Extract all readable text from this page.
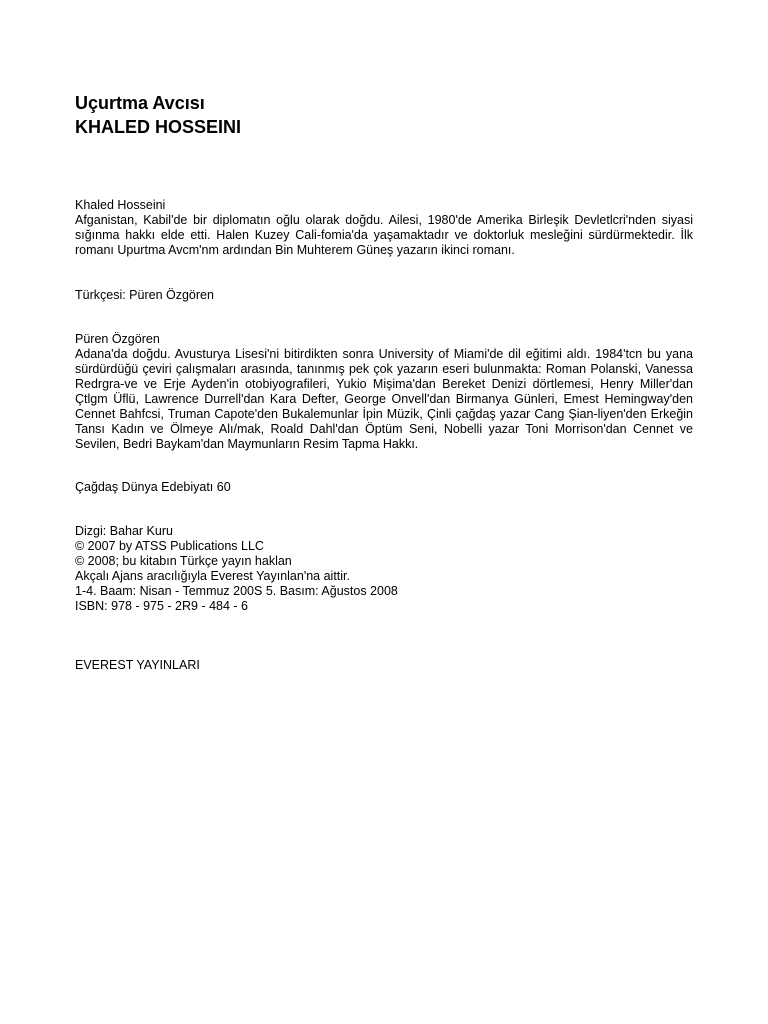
Uçurtma Avcısı
KHALED HOSSEINI
Khaled Hosseini
Afganistan, Kabil'de bir diplomatın oğlu olarak doğdu. Ailesi, 1980'de Amerika Birleşik Devletlcri'nden siyasi sığınma hakkı elde etti. Halen Kuzey Cali-fomia'da yaşamaktadır ve doktorluk mesleğini sürdürmektedir. İlk romanı Upurtma Avcm'nm ardından Bin Muhterem Güneş yazarın ikinci romanı.
Türkçesi: Püren Özgören
Püren Özgören
Adana'da doğdu. Avusturya Lisesi'ni bitirdikten sonra University of Miami'de dil eğitimi aldı. 1984'tcn bu yana sürdürdüğü çeviri çalışmaları arasında, tanınmış pek çok yazarın eseri bulunmakta: Roman Polanski, Vanessa Redrgra-ve ve Erje Ayden'in otobiyografileri, Yukio Mişima'dan Bereket Denizi dörtlemesi, Henry Miller'dan Çtlgm Üflü, Lawrence Durrell'dan Kara Defter, George Onvell'dan Birmanya Günleri, Emest Hemingway'den Cennet Bahfcsi, Truman Capote'den Bukalemunlar İpin Müzik, Çinli çağdaş yazar Cang Şian-liyen'den Erkeğin Tansı Kadın ve Ölmeye Alı/mak, Roald Dahl'dan Öptüm Seni, Nobelli yazar Toni Morrison'dan Cennet ve Sevilen, Bedri Baykam'dan Maymunların Resim Tapma Hakkı.
Çağdaş Dünya Edebiyatı 60
Dizgi: Bahar Kuru
© 2007 by ATSS Publications LLC
© 2008; bu kitabın Türkçe yayın haklan
Akçalı Ajans aracılığıyla Everest Yayınlan'na aittir.
1-4. Baam: Nisan - Temmuz 200S 5. Basım: Ağustos 2008
ISBN: 978 - 975 - 2R9 - 484 - 6
EVEREST YAYINLARI
